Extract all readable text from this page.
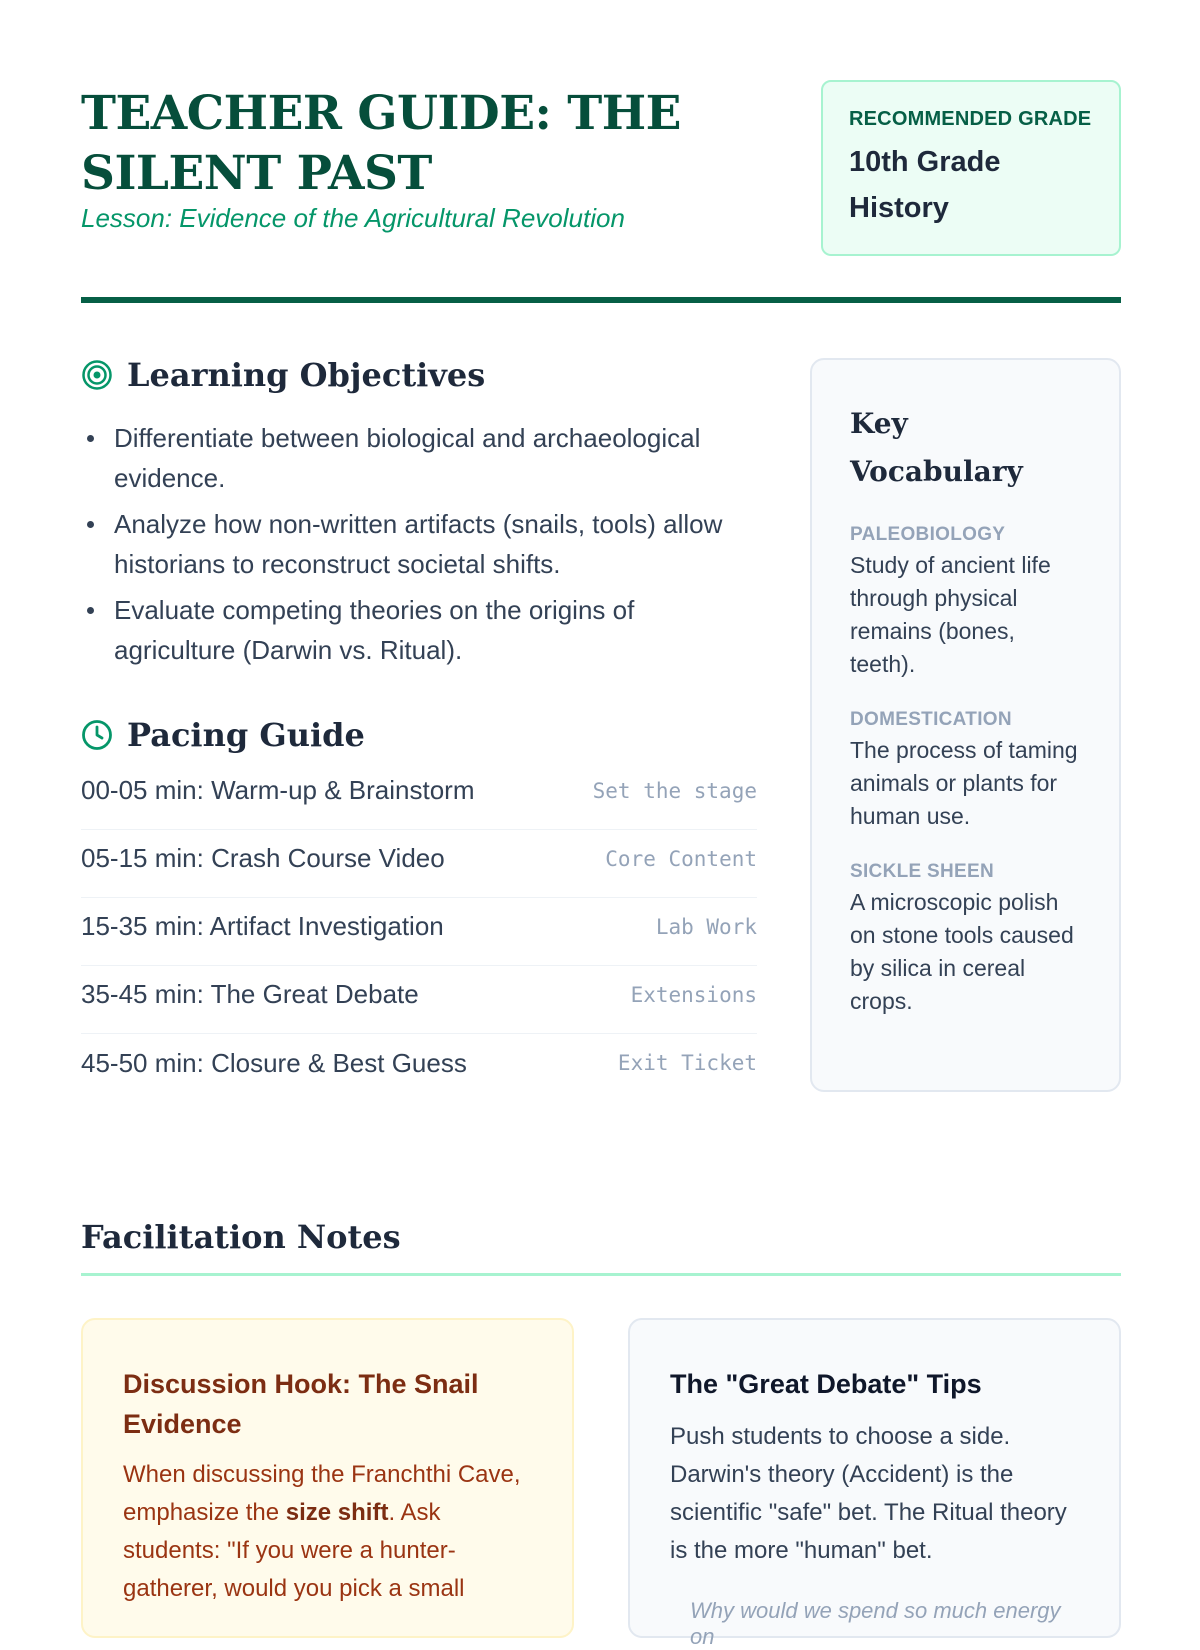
TEACHER GUIDE: THE SILENT PAST
Lesson: Evidence of the Agricultural Revolution
RECOMMENDED GRADE
10th Grade History
Learning Objectives
Differentiate between biological and archaeological evidence.
Analyze how non-written artifacts (snails, tools) allow historians to reconstruct societal shifts.
Evaluate competing theories on the origins of agriculture (Darwin vs. Ritual).
Pacing Guide
00-05 min: Warm-up & Brainstorm	Set the stage
05-15 min: Crash Course Video	Core Content
15-35 min: Artifact Investigation	Lab Work
35-45 min: The Great Debate	Extensions
45-50 min: Closure & Best Guess	Exit Ticket
Key Vocabulary
PALEOBIOLOGY
Study of ancient life through physical remains (bones, teeth).
DOMESTICATION
The process of taming animals or plants for human use.
SICKLE SHEEN
A microscopic polish on stone tools caused by silica in cereal crops.
Facilitation Notes
Discussion Hook: The Snail Evidence
When discussing the Franchthi Cave, emphasize the size shift. Ask students: "If you were a hunter-gatherer, would you pick a small
The "Great Debate" Tips
Push students to choose a side. Darwin's theory (Accident) is the scientific "safe" bet. The Ritual theory is the more "human" bet.
Why would we spend so much energy on
